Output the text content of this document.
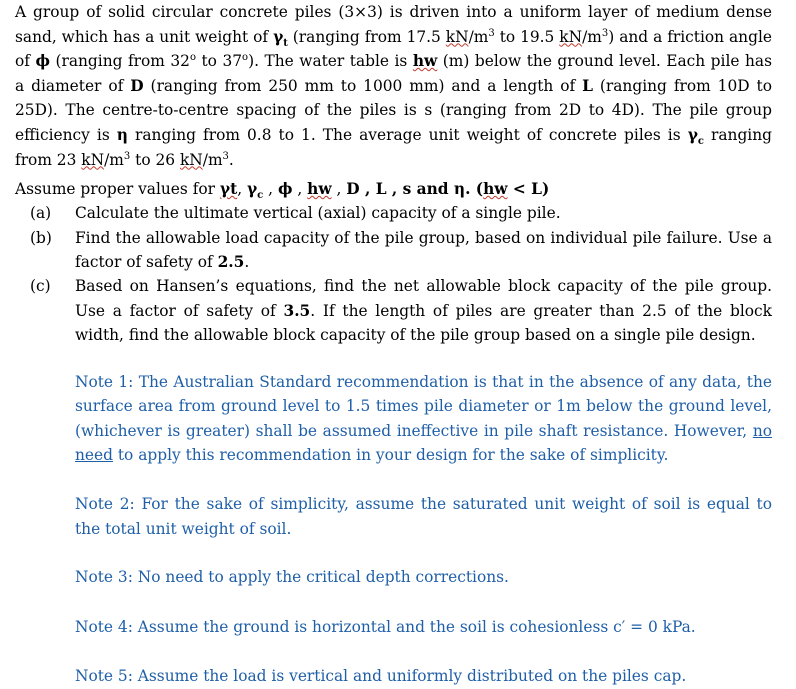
A group of solid circular concrete piles (3×3) is driven into a uniform layer of medium dense sand, which has a unit weight of $\gamma_t$ (ranging from 17.5 $kN/m^3$ to 19.5 $kN/m^3$) and a friction angle of ϕ (ranging from 32$^o$ to 37$^o$). The water table is hw (m) below the ground level. Each pile has a diameter of D (ranging from 250 mm to 1000 mm) and a length of L (ranging from 10D to 25D). The centre-to-centre spacing of the piles is s (ranging from 2D to 4D). The pile group efficiency is η ranging from 0.8 to 1. The average unit weight of concrete piles is $\gamma_c$ ranging from 23 $kN/m^3$ to 26 $kN/m^3$.

Assume proper values for γt, $\gamma_c$ , ϕ , hw , D , L , s and η. (hw < L)

(a)	Calculate the ultimate vertical (axial) capacity of a single pile.
(b)	Find the allowable load capacity of the pile group, based on individual pile failure. Use a factor of safety of 2.5.
(c)	Based on Hansen’s equations, find the net allowable block capacity of the pile group. Use a factor of safety of 3.5. If the length of piles are greater than 2.5 of the block width, find the allowable block capacity of the pile group based on a single pile design.

Note 1: The Australian Standard recommendation is that in the absence of any data, the surface area from ground level to 1.5 times pile diameter or 1m below the ground level, (whichever is greater) shall be assumed ineffective in pile shaft resistance. However, no need to apply this recommendation in your design for the sake of simplicity.

Note 2: For the sake of simplicity, assume the saturated unit weight of soil is equal to the total unit weight of soil.

Note 3: No need to apply the critical depth corrections.

Note 4: Assume the ground is horizontal and the soil is cohesionless c′ = 0 kPa.

Note 5: Assume the load is vertical and uniformly distributed on the piles cap.
